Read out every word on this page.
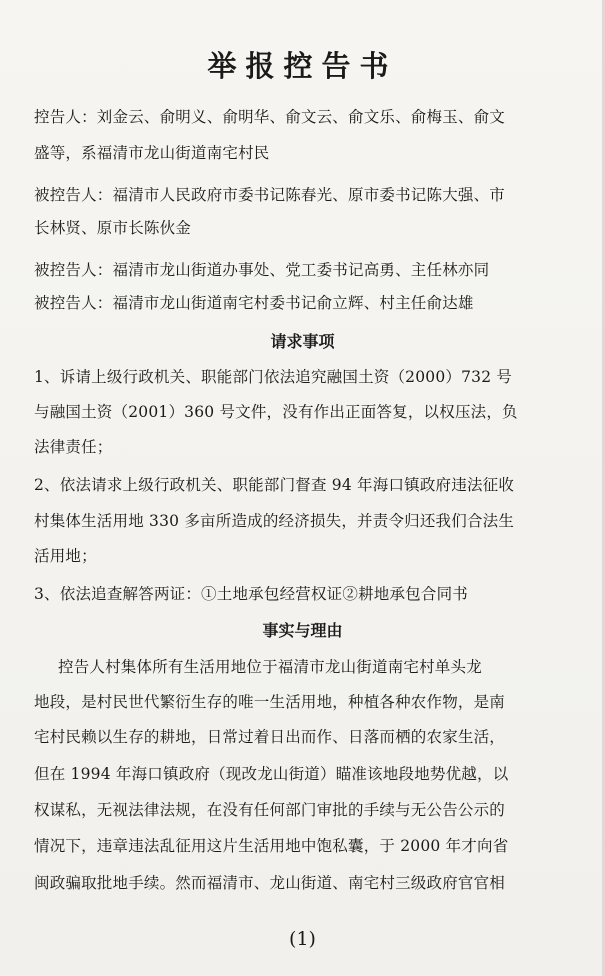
举报控告书
控告人：刘金云、俞明义、俞明华、俞文云、俞文乐、俞梅玉、俞文
盛等，系福清市龙山街道南宅村民
被控告人：福清市人民政府市委书记陈春光、原市委书记陈大强、市
长林贤、原市长陈伙金
被控告人：福清市龙山街道办事处、党工委书记高勇、主任林亦同
被控告人：福清市龙山街道南宅村委书记俞立辉、村主任俞达雄
请求事项
1、诉请上级行政机关、职能部门依法追究融国土资（2000）732 号
与融国土资（2001）360 号文件，没有作出正面答复，以权压法，负
法律责任；
2、依法请求上级行政机关、职能部门督查 94 年海口镇政府违法征收
村集体生活用地 330 多亩所造成的经济损失，并责令归还我们合法生
活用地；
3、依法追查解答两证：①土地承包经营权证②耕地承包合同书
事实与理由
控告人村集体所有生活用地位于福清市龙山街道南宅村单头龙
地段，是村民世代繁衍生存的唯一生活用地，种植各种农作物，是南
宅村民赖以生存的耕地，日常过着日出而作、日落而栖的农家生活，
但在 1994 年海口镇政府（现改龙山街道）瞄准该地段地势优越，以
权谋私，无视法律法规，在没有任何部门审批的手续与无公告公示的
情况下，违章违法乱征用这片生活用地中饱私囊，于 2000 年才向省
闽政骗取批地手续。然而福清市、龙山街道、南宅村三级政府官官相
(1)
